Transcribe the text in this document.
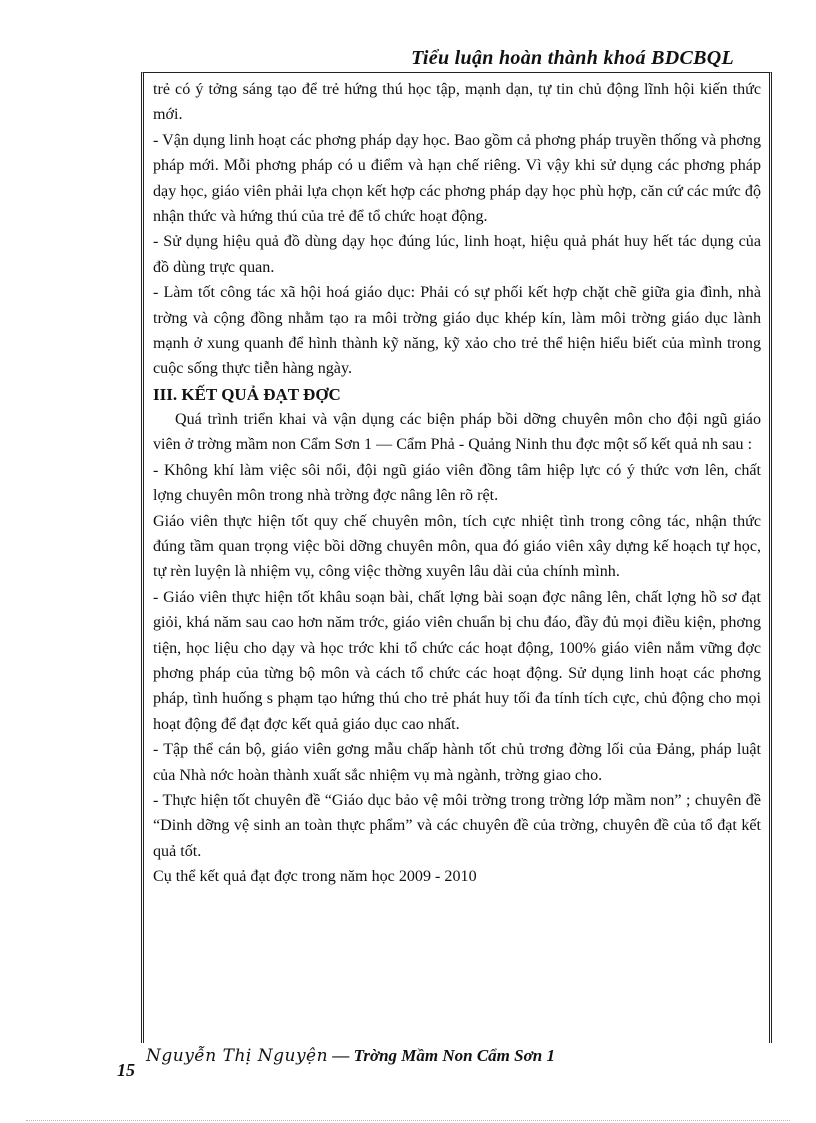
Tiểu luận hoàn thành khoá BDCBQL

trẻ có ý tởng sáng tạo để trẻ hứng thú học tập, mạnh dạn, tự tin chủ động lĩnh hội kiến thức mới.

- Vận dụng linh hoạt các phơng pháp dạy học. Bao gồm cả phơng pháp truyền thống và phơng pháp mới. Mỗi phơng pháp có u điểm và hạn chế riêng. Vì vậy khi sử dụng các phơng pháp dạy học, giáo viên phải lựa chọn kết hợp các phơng pháp dạy học phù hợp, căn cứ các mức độ nhận thức và hứng thú của trẻ để tổ chức hoạt động.

- Sử dụng hiệu quả đồ dùng dạy học đúng lúc, linh hoạt, hiệu quả phát huy hết tác dụng của đồ dùng trực quan.

- Làm tốt công tác xã hội hoá giáo dục: Phải có sự phối kết hợp chặt chẽ giữa gia đình, nhà trờng và cộng đồng nhằm tạo ra môi trờng giáo dục khép kín, làm môi trờng giáo dục lành mạnh ở xung quanh để hình thành kỹ năng, kỹ xảo cho trẻ thể hiện hiểu biết của mình trong cuộc sống thực tiễn hàng ngày.

III. KẾT QUẢ ĐẠT ĐỢC

Quá trình triển khai và vận dụng các biện pháp bồi dỡng chuyên môn cho đội ngũ giáo viên ở trờng mầm non Cẩm Sơn 1 — Cẩm Phả - Quảng Ninh thu đợc một số kết quả nh sau :

- Không khí làm việc sôi nổi, đội ngũ giáo viên đồng tâm hiệp lực có ý thức vơn lên, chất lợng chuyên môn trong nhà trờng đợc nâng lên rõ rệt.

Giáo viên thực hiện tốt quy chế chuyên môn, tích cực nhiệt tình trong công tác, nhận thức đúng tầm quan trọng việc bồi dỡng chuyên môn, qua đó giáo viên xây dựng kế hoạch tự học, tự rèn luyện là nhiệm vụ, công việc thờng xuyên lâu dài của chính mình.

- Giáo viên thực hiện tốt khâu soạn bài, chất lợng bài soạn đợc nâng lên, chất lợng hồ sơ đạt giỏi, khá năm sau cao hơn năm trớc, giáo viên chuẩn bị chu đáo, đầy đủ mọi điều kiện, phơng tiện, học liệu cho dạy và học trớc khi tổ chức các hoạt động, 100% giáo viên nắm vững đợc phơng pháp của từng bộ môn và cách tổ chức các hoạt động. Sử dụng linh hoạt các phơng pháp, tình huống s phạm tạo hứng thú cho trẻ phát huy tối đa tính tích cực, chủ động cho mọi hoạt động để đạt đợc kết quả giáo dục cao nhất.

- Tập thể cán bộ, giáo viên gơng mẫu chấp hành tốt chủ trơng đờng lối của Đảng, pháp luật của Nhà nớc hoàn thành xuất sắc nhiệm vụ mà ngành, trờng giao cho.

- Thực hiện tốt chuyên đề “Giáo dục bảo vệ môi trờng trong trờng lớp mầm non” ; chuyên đề “Dinh dỡng vệ sinh an toàn thực phẩm” và các chuyên đề của trờng, chuyên đề của tổ đạt kết quả tốt.

Cụ thể kết quả đạt đợc trong năm học 2009 - 2010

Nguyễn Thị Nguyện — Trờng Mầm Non Cẩm Sơn 1
15
